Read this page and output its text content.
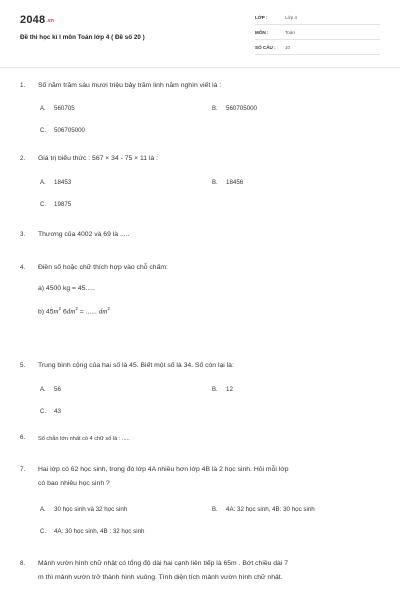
2048.vn
Đề thi học kì I môn Toán lớp 4 ( Đề số 20 )
LỚP :	Lớp 4
MÔN :	Toán
SỐ CÂU : 10
1. Số năm trăm sáu mươi triệu bảy trăm linh năm nghìn viết là :
A. 560705	B. 560705000
C. 506705000
2. Giá trị biểu thức : 567 × 34 - 75 × 11 là :
A. 18453	B. 18456
C. 19875
3. Thương của 4002 và 69 là .....
4. Điền số hoặc chữ thích hợp vào chỗ chấm:
a) 4500 kg = 45.....
b) $45m^2$ $6dm^2$ = ...... $dm^2$
5. Trung bình cộng của hai số là 45. Biết một số là 34. Số còn lại là:
A. 56	B. 12
C. 43
6. Số chẵn lớn nhất có 4 chữ số là : .....
7. Hai lớp có 62 học sinh, trong đó lớp 4A nhiều hơn lớp 4B là 2 học sinh. Hỏi mỗi lớp
có bao nhiêu học sinh ?
A. 30 học sinh và 32 học sinh	B. 4A: 32 học sinh, 4B: 30 học sinh
C. 4A: 30 học sinh, 4B : 32 học sinh
8. Mảnh vườn hình chữ nhật có tổng độ dài hai cạnh liên tiếp là 65m . Bớt chiều dài 7
m thì mảnh vườn trở thành hình vuông. Tính diện tích mảnh vườn hình chữ nhật.
